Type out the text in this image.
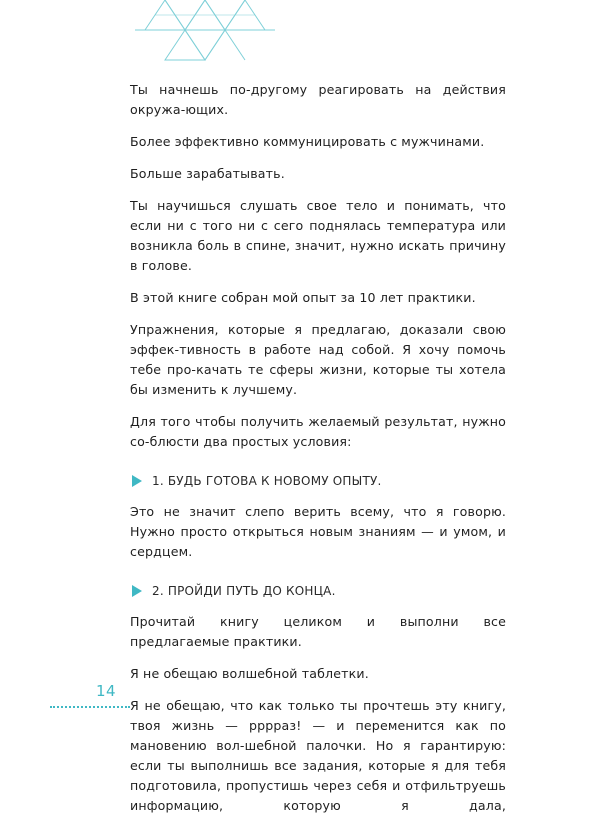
Ты начнешь по-другому реагировать на действия окружа-ющих.

Более эффективно коммуницировать с мужчинами.

Больше зарабатывать.

Ты научишься слушать свое тело и понимать, что если ни с того ни с сего поднялась температура или возникла боль в спине, значит, нужно искать причину в голове.

В этой книге собран мой опыт за 10 лет практики.

Упражнения, которые я предлагаю, доказали свою эффек-тивность в работе над собой. Я хочу помочь тебе про-качать те сферы жизни, которые ты хотела бы изменить к лучшему.

Для того чтобы получить желаемый результат, нужно со-блюсти два простых условия:

1. БУДЬ ГОТОВА К НОВОМУ ОПЫТУ.

Это не значит слепо верить всему, что я говорю. Нужно просто открыться новым знаниям — и умом, и сердцем.

2. ПРОЙДИ ПУТЬ ДО КОНЦА.

Прочитай книгу целиком и выполни все предлагаемые практики.

Я не обещаю волшебной таблетки.

Я не обещаю, что как только ты прочтешь эту книгу, твоя жизнь — ррррaз! — и переменится как по мановению вол-шебной палочки. Но я гарантирую: если ты выполнишь все задания, которые я для тебя подготовила, пропустишь через себя и отфильтруешь информацию, которую я дала,

14
